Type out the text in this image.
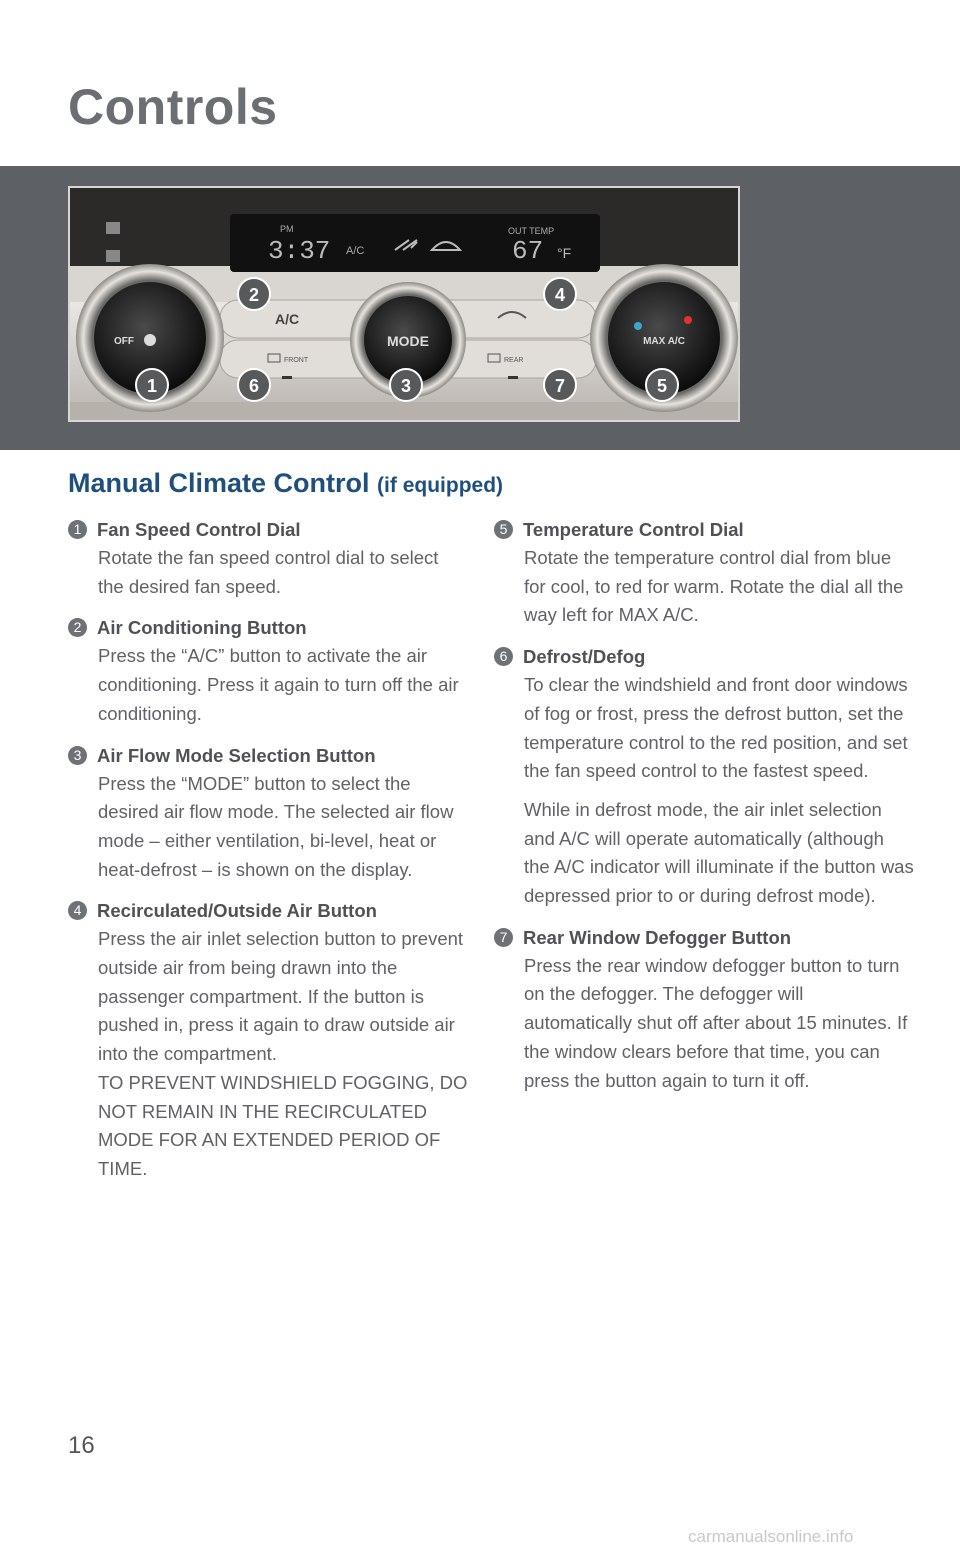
Controls
PM
3:37 A/C
OUT TEMP
67 °F
A/C
FRONT	REAR
OFF	MODE	MAX A/C
2	4
1	6	3	7	5
Manual Climate Control (if equipped)
1 Fan Speed Control Dial

Rotate the fan speed control dial to select the desired fan speed.

2 Air Conditioning Button

Press the “A/C” button to activate the air conditioning. Press it again to turn off the air conditioning.

3 Air Flow Mode Selection Button

Press the “MODE” button to select the desired air flow mode. The selected air flow mode – either ventilation, bi-level, heat or heat-defrost – is shown on the display.

4 Recirculated/Outside Air Button

Press the air inlet selection button to prevent outside air from being drawn into the passenger compartment. If the button is pushed in, press it again to draw outside air into the compartment.

TO PREVENT WINDSHIELD FOGGING, DO NOT REMAIN IN THE RECIRCULATED MODE FOR AN EXTENDED PERIOD OF TIME.

5 Temperature Control Dial

Rotate the temperature control dial from blue for cool, to red for warm. Rotate the dial all the way left for MAX A/C.

6 Defrost/Defog

To clear the windshield and front door windows of fog or frost, press the defrost button, set the temperature control to the red position, and set the fan speed control to the fastest speed.

While in defrost mode, the air inlet selection and A/C will operate automatically (although the A/C indicator will illuminate if the button was depressed prior to or during defrost mode).

7 Rear Window Defogger Button

Press the rear window defogger button to turn on the defogger. The defogger will automatically shut off after about 15 minutes. If the window clears before that time, you can press the button again to turn it off.

16
carmanualsonline.info
